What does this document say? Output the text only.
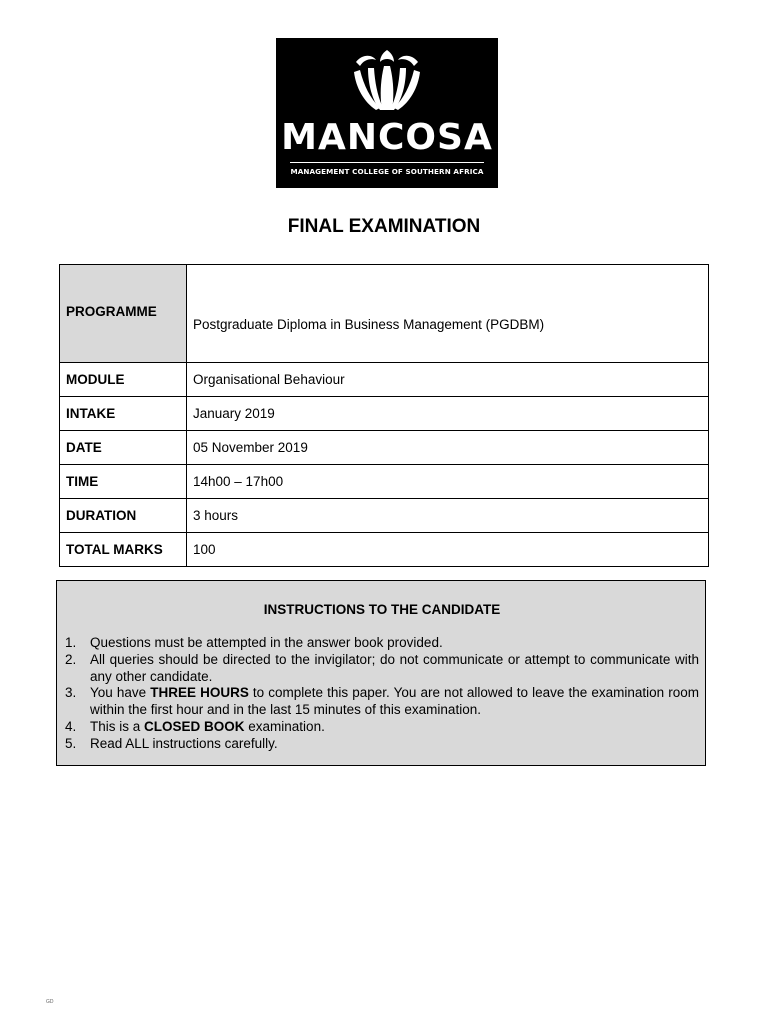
MANCOSA
MANAGEMENT COLLEGE OF SOUTHERN AFRICA
FINAL EXAMINATION
PROGRAMME	Postgraduate Diploma in Business Management (PGDBM)

MODULE	Organisational Behaviour
INTAKE	January 2019
DATE	05 November 2019
TIME	14h00 – 17h00
DURATION	3 hours
TOTAL MARKS	100
INSTRUCTIONS TO THE CANDIDATE
1. Questions must be attempted in the answer book provided.
2. All queries should be directed to the invigilator; do not communicate or attempt to communicate with any other candidate.
3. You have THREE HOURS to complete this paper. You are not allowed to leave the examination room within the first hour and in the last 15 minutes of this examination.
4. This is a CLOSED BOOK examination.
5. Read ALL instructions carefully.
GD
